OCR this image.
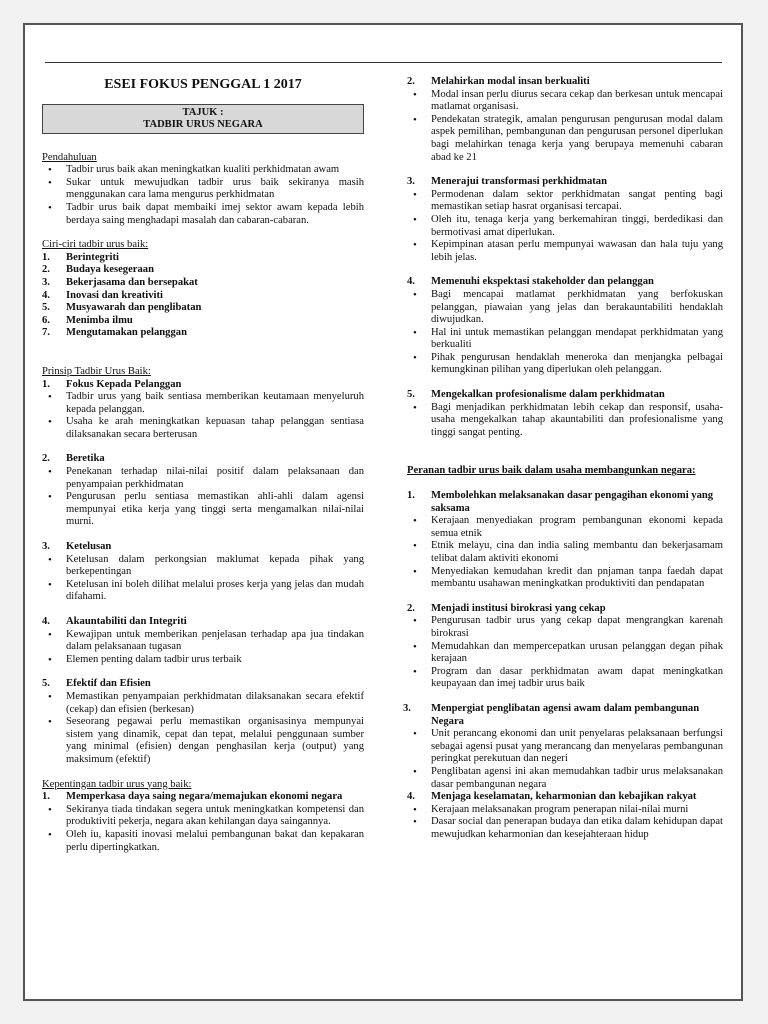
ESEI FOKUS PENGGAL 1 2017
TAJUK :
TADBIR URUS NEGARA
Pendahuluan
• Tadbir urus baik akan meningkatkan kualiti perkhidmatan awam
• Sukar untuk mewujudkan tadbir urus baik sekiranya masih menggunakan cara lama mengurus perkhidmatan
• Tadbir urus baik dapat membaiki imej sektor awam kepada lebih berdaya saing menghadapi masalah dan cabaran-cabaran.
Ciri-ciri tadbir urus baik:
1. Berintegriti
2. Budaya kesegeraan
3. Bekerjasama dan bersepakat
4. Inovasi dan kreativiti
5. Musyawarah dan penglibatan
6. Menimba ilmu
7. Mengutamakan pelanggan
Prinsip Tadbir Urus Baik:
1. Fokus Kepada Pelanggan
• Tadbir urus yang baik sentiasa memberikan keutamaan menyeluruh kepada pelanggan.
• Usaha ke arah meningkatkan kepuasan tahap pelanggan sentiasa dilaksanakan secara berterusan
2. Beretika
• Penekanan terhadap nilai-nilai positif dalam pelaksanaan dan penyampaian perkhidmatan
• Pengurusan perlu sentiasa memastikan ahli-ahli dalam agensi mempunyai etika kerja yang tinggi serta mengamalkan nilai-nilai murni.
3. Ketelusan
• Ketelusan dalam perkongsian maklumat kepada pihak yang berkepentingan
• Ketelusan ini boleh dilihat melalui proses kerja yang jelas dan mudah difahami.
4. Akauntabiliti dan Integriti
• Kewajipan untuk memberikan penjelasan terhadap apa jua tindakan dalam pelaksanaan tugasan
• Elemen penting dalam tadbir urus terbaik
5. Efektif dan Efisien
• Memastikan penyampaian perkhidmatan dilaksanakan secara efektif (cekap) dan efisien (berkesan)
• Seseorang pegawai perlu memastikan organisasinya mempunyai sistem yang dinamik, cepat dan tepat, melalui penggunaan sumber yang minimal (efisien) dengan penghasilan kerja (output) yang maksimum (efektif)
Kepentingan tadbir urus yang baik:
1. Memperkasa daya saing negara/memajukan ekonomi negara
• Sekiranya tiada tindakan segera untuk meningkatkan kompetensi dan produktiviti pekerja, negara akan kehilangan daya saingannya.
• Oleh iu, kapasiti inovasi melalui pembangunan bakat dan kepakaran perlu dipertingkatkan.
2. Melahirkan modal insan berkualiti
• Modal insan perlu diurus secara cekap dan berkesan untuk mencapai matlamat organisasi.
• Pendekatan strategik, amalan pengurusan pengurusan modal dalam aspek pemilihan, pembangunan dan pengurusan personel diperlukan bagi melahirkan tenaga kerja yang berupaya memenuhi cabaran abad ke 21
3. Menerajui transformasi perkhidmatan
• Permodenan dalam sektor perkhidmatan sangat penting bagi memastikan setiap hasrat organisasi tercapai.
• Oleh itu, tenaga kerja yang berkemahiran tinggi, berdedikasi dan bermotivasi amat diperlukan.
• Kepimpinan atasan perlu mempunyai wawasan dan hala tuju yang lebih jelas.
4. Memenuhi ekspektasi stakeholder dan pelanggan
• Bagi mencapai matlamat perkhidmatan yang berfokuskan pelanggan, piawaian yang jelas dan berakauntabiliti hendaklah diwujudkan.
• Hal ini untuk memastikan pelanggan mendapat perkhidmatan yang berkualiti
• Pihak pengurusan hendaklah meneroka dan menjangka pelbagai kemungkinan pilihan yang diperlukan oleh pelanggan.
5. Mengekalkan profesionalisme dalam perkhidmatan
• Bagi menjadikan perkhidmatan lebih cekap dan responsif, usaha-usaha mengekalkan tahap akauntabiliti dan profesionalisme yang tinggi sangat penting.
Peranan tadbir urus baik dalam usaha membangunkan negara:
1. Membolehkan melaksanakan dasar pengagihan ekonomi yang saksama
• Kerajaan menyediakan program pembangunan ekonomi kepada semua etnik
• Etnik melayu, cina dan india saling membantu dan bekerjasamam telibat dalam aktiviti ekonomi
• Menyediakan kemudahan kredit dan pnjaman tanpa faedah dapat membantu usahawan meningkatkan produktiviti dan pendapatan
2. Menjadi institusi birokrasi yang cekap
• Pengurusan tadbir urus yang cekap dapat mengrangkan karenah birokrasi
• Memudahkan dan mempercepatkan urusan pelanggan degan pihak kerajaan
• Program dan dasar perkhidmatan awam dapat meningkatkan keupayaan dan imej tadbir urus baik
3. Menpergiat penglibatan agensi awam dalam pembangunan Negara
• Unit perancang ekonomi dan unit penyelaras pelaksanaan berfungsi sebagai agensi pusat yang merancang dan menyelaras pembangunan peringkat perekutuan dan negeri
• Penglibatan agensi ini akan memudahkan tadbir urus melaksanakan dasar pembangunan negara
4. Menjaga keselamatan, keharmonian dan kebajikan rakyat
• Kerajaan melaksanakan program penerapan nilai-nilai murni
• Dasar social dan penerapan budaya dan etika dalam kehidupan dapat mewujudkan keharmonian dan kesejahteraan hidup
